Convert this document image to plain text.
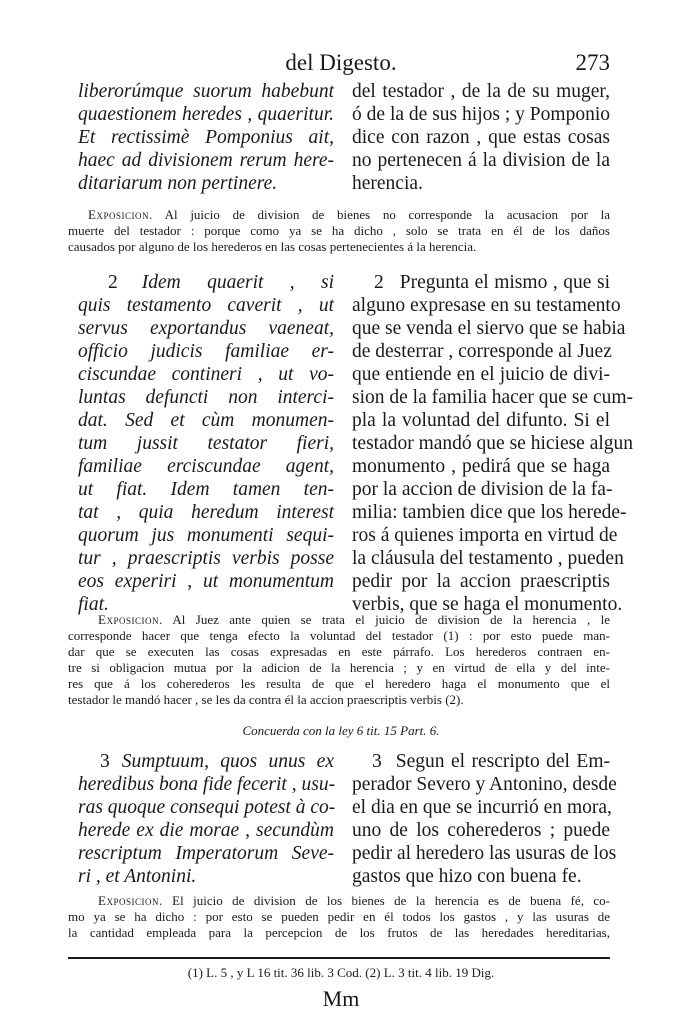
del Digesto.	273
liberorúmque suorum habebunt
quaestionem heredes , quaeritur.
Et rectissimè Pomponius ait,
haec ad divisionem rerum here-
ditariarum non pertinere.
del testador , de la de su muger,
ó de la de sus hijos ; y Pomponio
dice con razon , que estas cosas
no pertenecen á la division de la
herencia.
Exposicion. Al juicio de division de bienes no corresponde la acusacion por la
muerte del testador : porque como ya se ha dicho , solo se trata en él de los daños
causados por alguno de los herederos en las cosas pertenecientes á la herencia.
2 Idem quaerit , si
quis testamento caverit , ut
servus exportandus vaeneat,
officio judicis familiae er-
ciscundae contineri , ut vo-
luntas defuncti non interci-
dat. Sed et cùm monumen-
tum jussit testator fieri,
familiae erciscundae agent,
ut fiat. Idem tamen ten-
tat , quia heredum interest
quorum jus monumenti sequi-
tur , praescriptis verbis posse
eos experiri , ut monumentum
fiat.
2 Pregunta el mismo , que si
alguno expresase en su testamento
que se venda el siervo que se habia
de desterrar , corresponde al Juez
que entiende en el juicio de divi-
sion de la familia hacer que se cum-
pla la voluntad del difunto. Si el
testador mandó que se hiciese algun
monumento , pedirá que se haga
por la accion de division de la fa-
milia: tambien dice que los herede-
ros á quienes importa en virtud de
la cláusula del testamento , pueden
pedir por la accion praescriptis
verbis, que se haga el monumento.
Exposicion. Al Juez ante quien se trata el juicio de division de la herencia , le
corresponde hacer que tenga efecto la voluntad del testador (1) : por esto puede man-
dar que se executen las cosas expresadas en este párrafo. Los herederos contraen en-
tre si obligacion mutua por la adicion de la herencia ; y en virtud de ella y del inte-
res que á los coherederos les resulta de que el heredero haga el monumento que el
testador le mandó hacer , se les da contra él la accion praescriptis verbis (2).
Concuerda con la ley 6 tit. 15 Part. 6.
3 Sumptuum, quos unus ex
heredibus bona fide fecerit , usu-
ras quoque consequi potest à co-
herede ex die morae , secundùm
rescriptum Imperatorum Seve-
ri , et Antonini.
3 Segun el rescripto del Em-
perador Severo y Antonino, desde
el dia en que se incurrió en mora,
uno de los coherederos ; puede
pedir al heredero las usuras de los
gastos que hizo con buena fe.
Exposicion. El juicio de division de los bienes de la herencia es de buena fé, co-
mo ya se ha dicho : por esto se pueden pedir en él todos los gastos , y las usuras de
la cantidad empleada para la percepcion de los frutos de las heredades hereditarias,
(1) L. 5 , y L 16 tit. 36 lib. 3 Cod. (2) L. 3 tit. 4 lib. 19 Dig.
Mm
